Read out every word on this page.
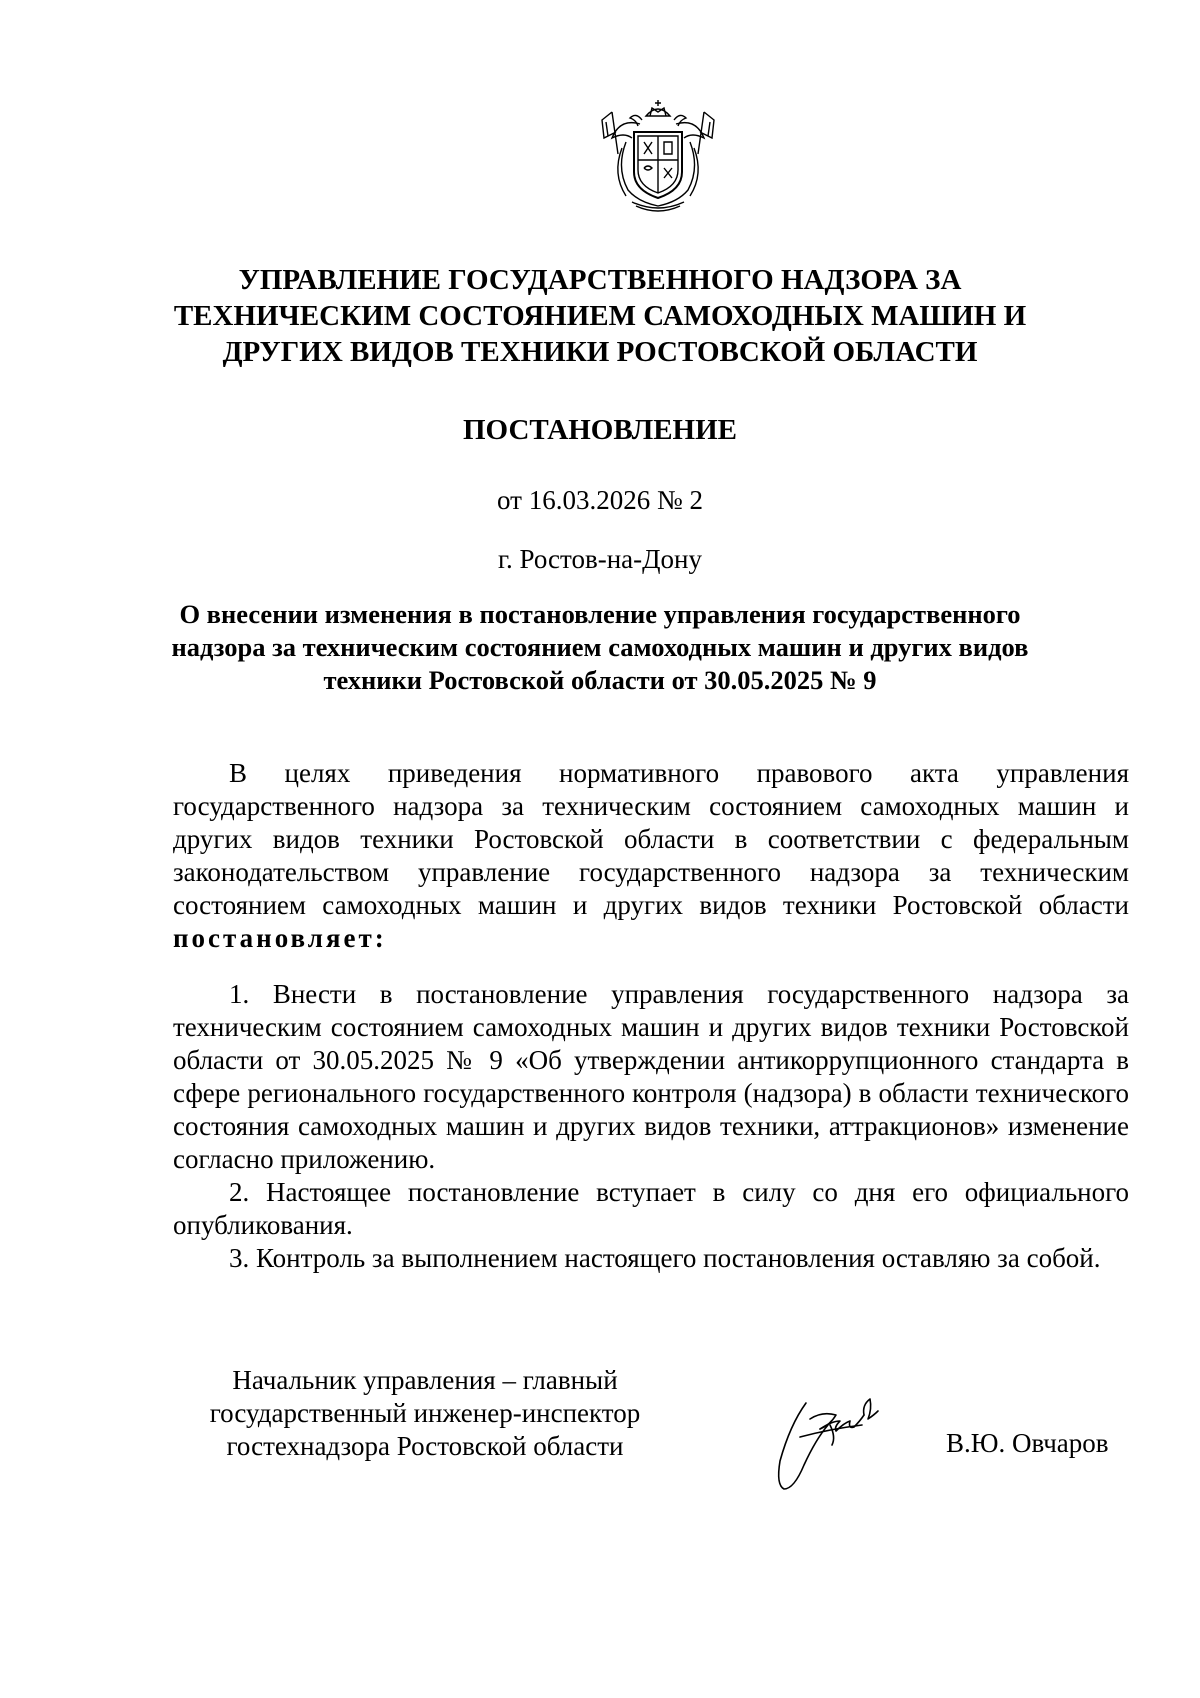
УПРАВЛЕНИЕ ГОСУДАРСТВЕННОГО НАДЗОРА ЗА
ТЕХНИЧЕСКИМ СОСТОЯНИЕМ САМОХОДНЫХ МАШИН И
ДРУГИХ ВИДОВ ТЕХНИКИ РОСТОВСКОЙ ОБЛАСТИ
ПОСТАНОВЛЕНИЕ
от 16.03.2026 № 2
г. Ростов-на-Дону
О внесении изменения в постановление управления государственного
надзора за техническим состоянием самоходных машин и других видов
техники Ростовской области от 30.05.2025 № 9

В целях приведения нормативного правового акта управления государственного надзора за техническим состоянием самоходных машин и других видов техники Ростовской области в соответствии с федеральным законодательством управление государственного надзора за техническим состоянием самоходных машин и других видов техники Ростовской области постановляет:

1. Внести в постановление управления государственного надзора за техническим состоянием самоходных машин и других видов техники Ростовской области от 30.05.2025 № 9 «Об утверждении антикоррупционного стандарта в сфере регионального государственного контроля (надзора) в области технического состояния самоходных машин и других видов техники, аттракционов» изменение согласно приложению.

2. Настоящее постановление вступает в силу со дня его официального опубликования.

3. Контроль за выполнением настоящего постановления оставляю за собой.

Начальник управления – главный
государственный инженер-инспектор
гостехнадзора Ростовской области	В.Ю. Овчаров
